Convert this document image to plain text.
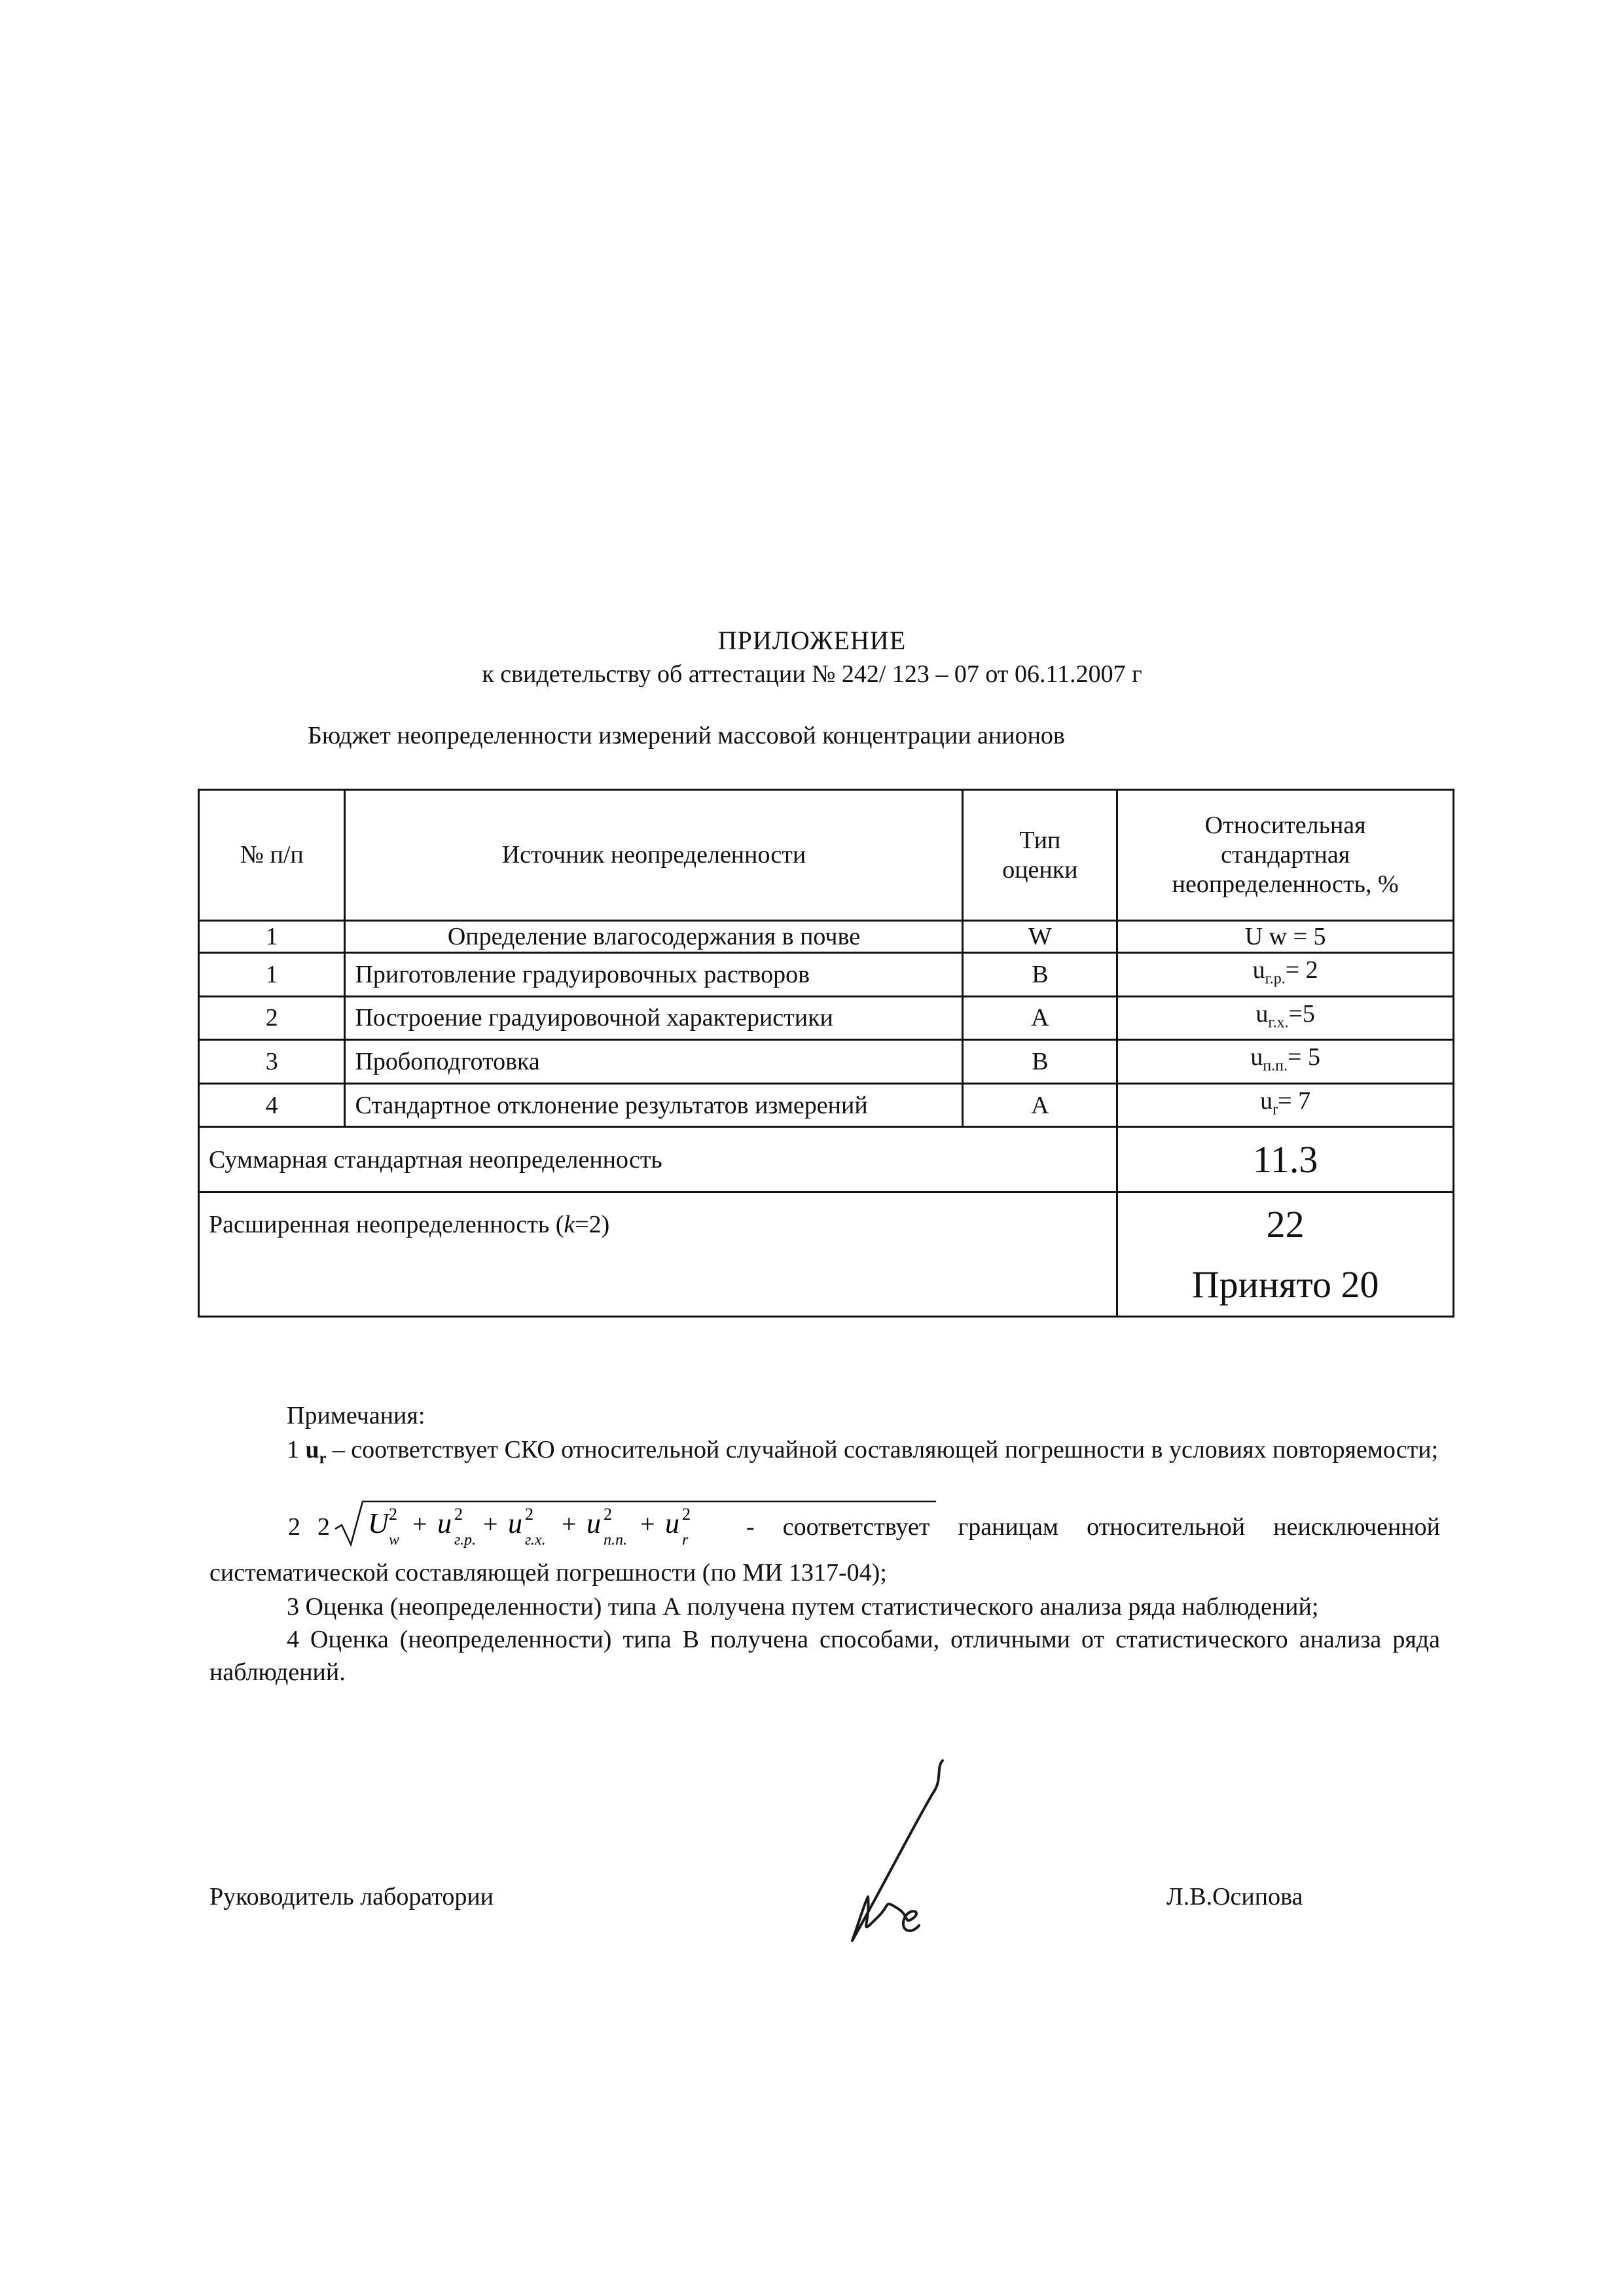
ПРИЛОЖЕНИЕ
к свидетельству об аттестации № 242/ 123 – 07 от 06.11.2007 г
Бюджет неопределенности измерений массовой концентрации анионов
№ п/п	Источник неопределенности	Тип оценки	Относительная стандартная неопределенность, %

1	Определение влагосодержания в почве	W	U w = 5
1	Приготовление градуировочных растворов	B	$u_{г.р.}= 2$
2	Построение градуировочной характеристики	A	$u_{г.х.}=5$
3	Пробоподготовка	B	$u_{п.п.}= 5$
4	Стандартное отклонение результатов измерений	A	$u_r= 7$
Суммарная стандартная неопределенность			11.3
Расширенная неопределенность (k=2)			22
Принято 20
Примечания:
1 $u_r$ – соответствует СКО относительной случайной составляющей погрешности в условиях повторяемости;
2 2 U 2
w
+ u 2
г.р.
+ u 2
г.х.
+ u 2
п.п.
+ u 2
r - соответствует границам относительной неисключенной
систематической составляющей погрешности (по МИ 1317-04);
3 Оценка (неопределенности) типа А получена путем статистического анализа ряда наблюдений;
4 Оценка (неопределенности) типа В получена способами, отличными от статистического анализа ряда наблюдений.
Руководитель лаборатории	Л.В.Осипова
